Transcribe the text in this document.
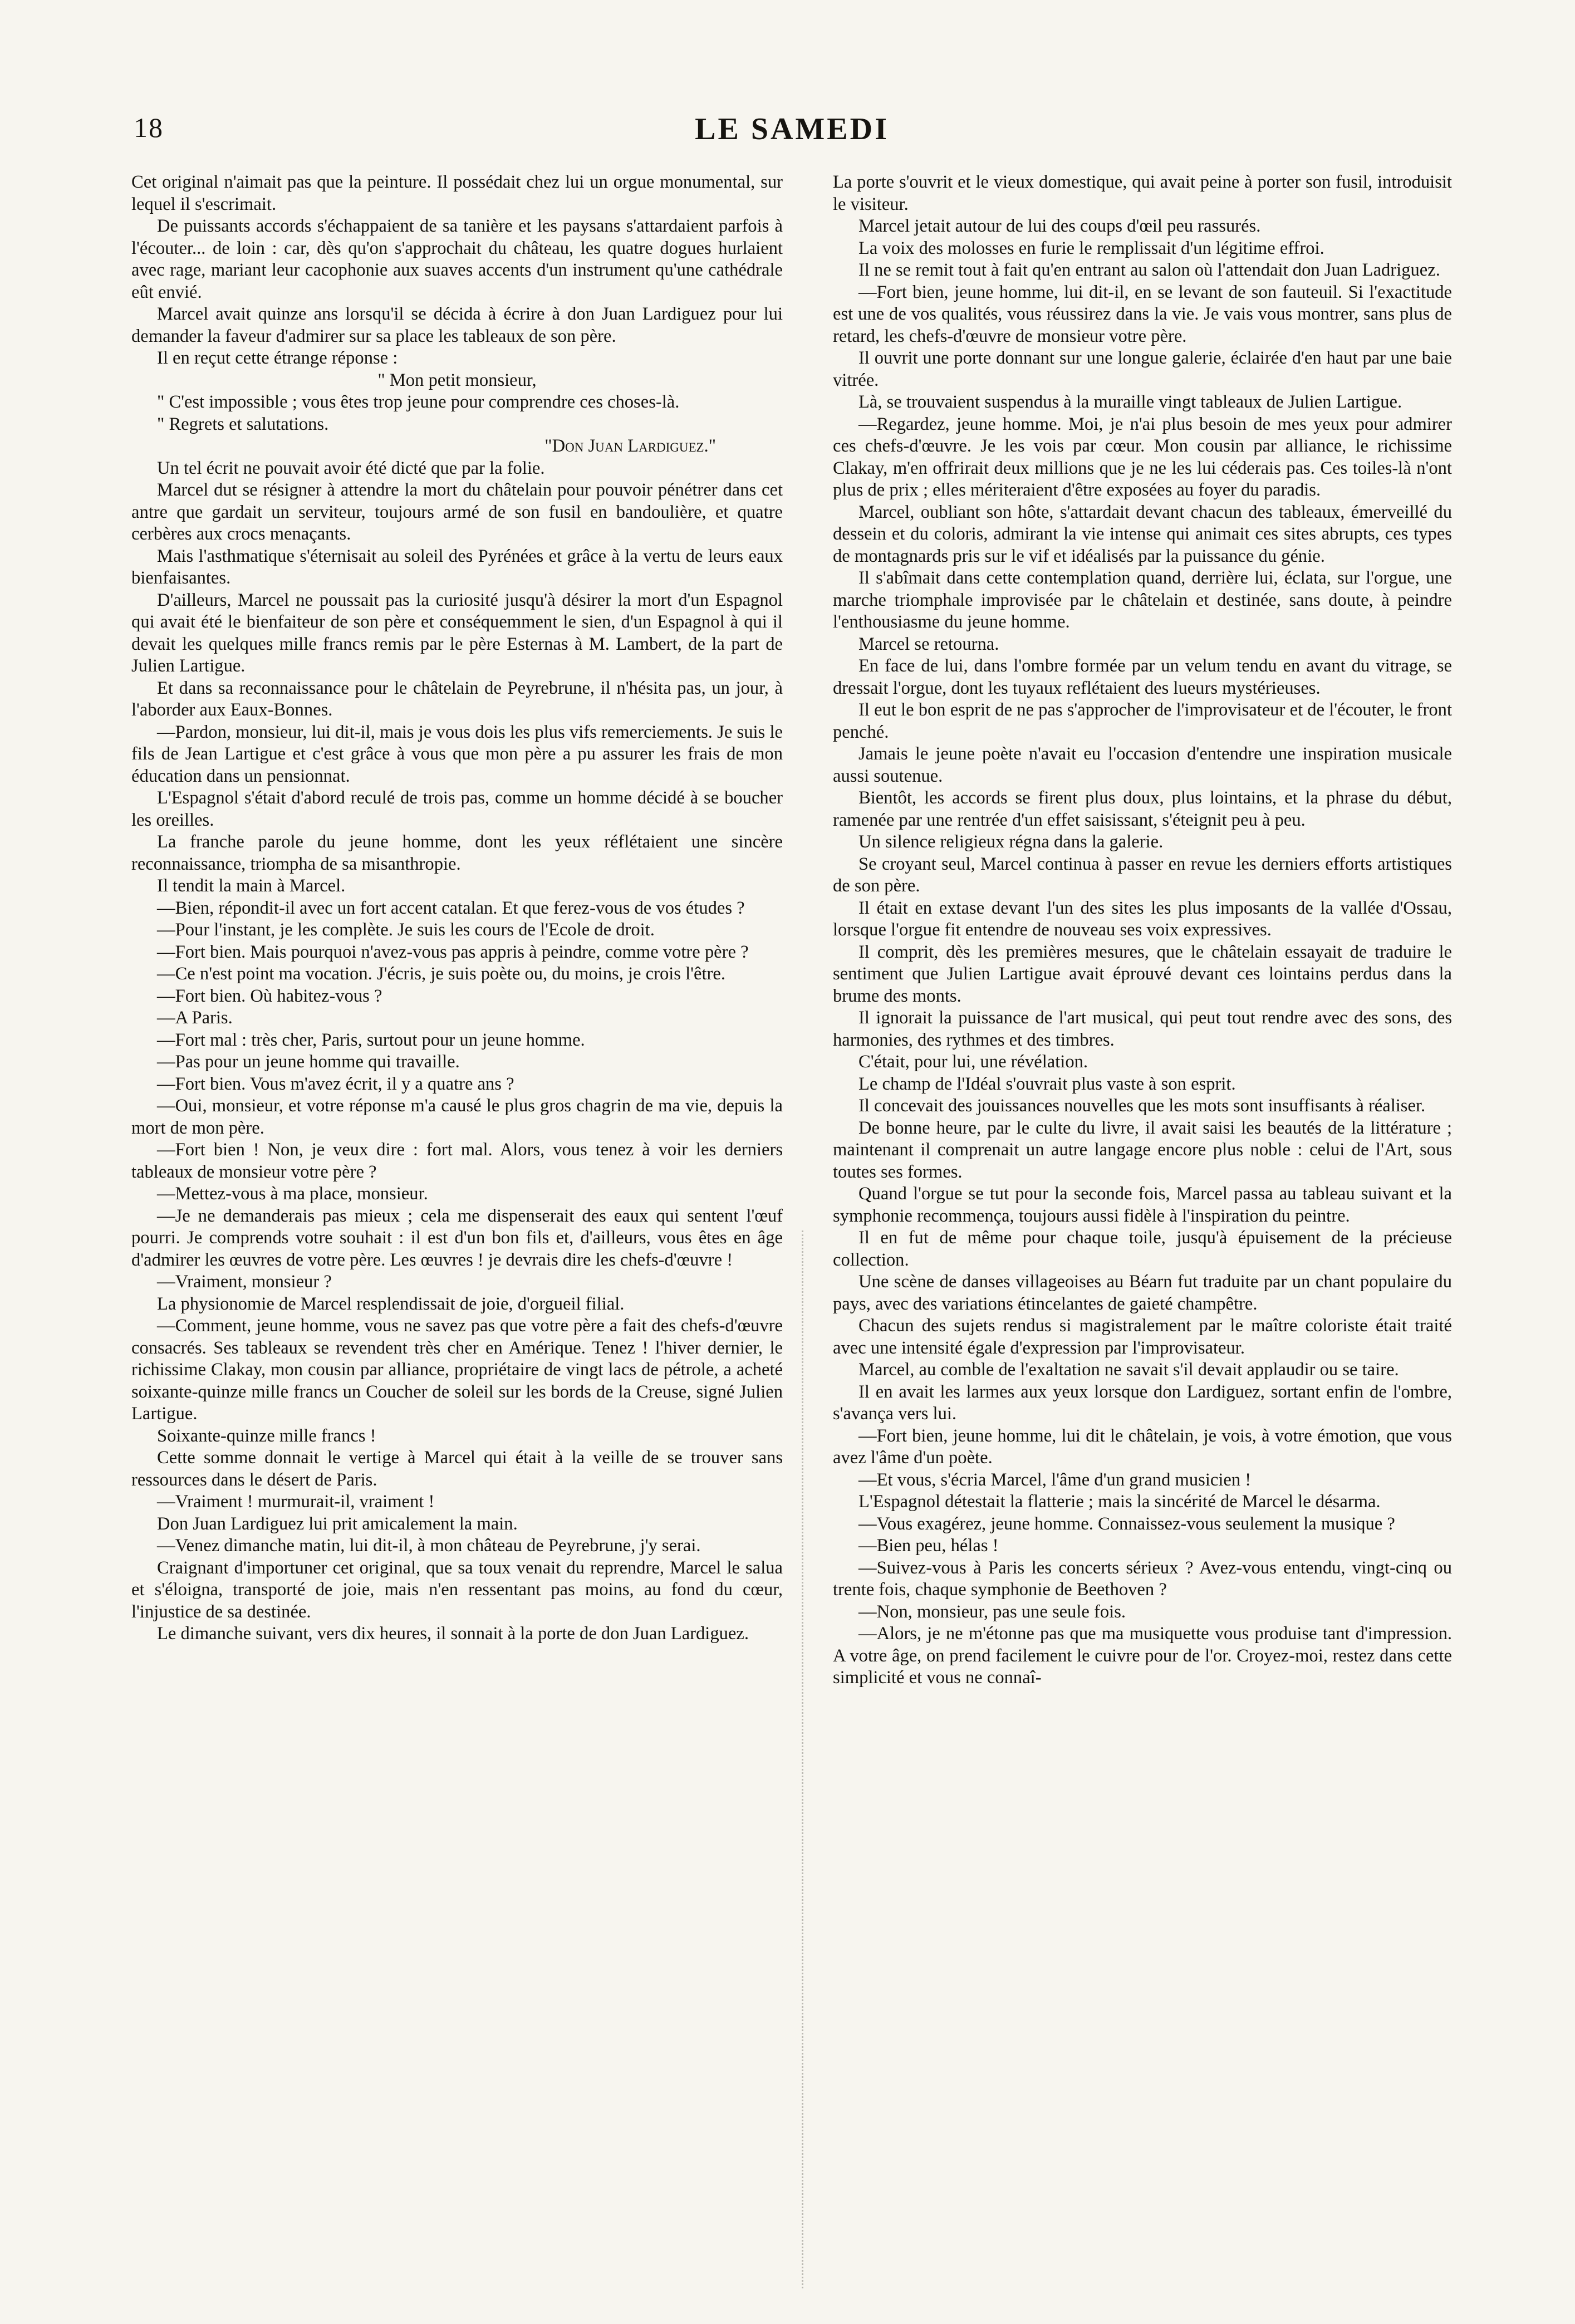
18	LE SAMEDI

Cet original n'aimait pas que la peinture. Il possédait chez lui un orgue monumental, sur lequel il s'escrimait.

De puissants accords s'échappaient de sa tanière et les paysans s'attardaient parfois à l'écouter... de loin : car, dès qu'on s'approchait du château, les quatre dogues hurlaient avec rage, mariant leur cacophonie aux suaves accents d'un instrument qu'une cathédrale eût envié.

Marcel avait quinze ans lorsqu'il se décida à écrire à don Juan Lardiguez pour lui demander la faveur d'admirer sur sa place les tableaux de son père.

Il en reçut cette étrange réponse :

" Mon petit monsieur,

" C'est impossible ; vous êtes trop jeune pour comprendre ces choses-là.

" Regrets et salutations.

"Don Juan Lardiguez."

Un tel écrit ne pouvait avoir été dicté que par la folie.

Marcel dut se résigner à attendre la mort du châtelain pour pouvoir pénétrer dans cet antre que gardait un serviteur, toujours armé de son fusil en bandoulière, et quatre cerbères aux crocs menaçants.

Mais l'asthmatique s'éternisait au soleil des Pyrénées et grâce à la vertu de leurs eaux bienfaisantes.

D'ailleurs, Marcel ne poussait pas la curiosité jusqu'à désirer la mort d'un Espagnol qui avait été le bienfaiteur de son père et conséquemment le sien, d'un Espagnol à qui il devait les quelques mille francs remis par le père Esternas à M. Lambert, de la part de Julien Lartigue.

Et dans sa reconnaissance pour le châtelain de Peyrebrune, il n'hésita pas, un jour, à l'aborder aux Eaux-Bonnes.

—Pardon, monsieur, lui dit-il, mais je vous dois les plus vifs remerciements. Je suis le fils de Jean Lartigue et c'est grâce à vous que mon père a pu assurer les frais de mon éducation dans un pensionnat.

L'Espagnol s'était d'abord reculé de trois pas, comme un homme décidé à se boucher les oreilles.

La franche parole du jeune homme, dont les yeux réflétaient une sincère reconnaissance, triompha de sa misanthropie.

Il tendit la main à Marcel.

—Bien, répondit-il avec un fort accent catalan. Et que ferez-vous de vos études ?

—Pour l'instant, je les complète. Je suis les cours de l'Ecole de droit.

—Fort bien. Mais pourquoi n'avez-vous pas appris à peindre, comme votre père ?

—Ce n'est point ma vocation. J'écris, je suis poète ou, du moins, je crois l'être.

—Fort bien. Où habitez-vous ?

—A Paris.

—Fort mal : très cher, Paris, surtout pour un jeune homme.

—Pas pour un jeune homme qui travaille.

—Fort bien. Vous m'avez écrit, il y a quatre ans ?

—Oui, monsieur, et votre réponse m'a causé le plus gros chagrin de ma vie, depuis la mort de mon père.

—Fort bien ! Non, je veux dire : fort mal. Alors, vous tenez à voir les derniers tableaux de monsieur votre père ?

—Mettez-vous à ma place, monsieur.

—Je ne demanderais pas mieux ; cela me dispenserait des eaux qui sentent l'œuf pourri. Je comprends votre souhait : il est d'un bon fils et, d'ailleurs, vous êtes en âge d'admirer les œuvres de votre père. Les œuvres ! je devrais dire les chefs-d'œuvre !

—Vraiment, monsieur ?

La physionomie de Marcel resplendissait de joie, d'orgueil filial.

—Comment, jeune homme, vous ne savez pas que votre père a fait des chefs-d'œuvre consacrés. Ses tableaux se revendent très cher en Amérique. Tenez ! l'hiver dernier, le richissime Clakay, mon cousin par alliance, propriétaire de vingt lacs de pétrole, a acheté soixante-quinze mille francs un Coucher de soleil sur les bords de la Creuse, signé Julien Lartigue.

Soixante-quinze mille francs !

Cette somme donnait le vertige à Marcel qui était à la veille de se trouver sans ressources dans le désert de Paris.

—Vraiment ! murmurait-il, vraiment !

Don Juan Lardiguez lui prit amicalement la main.

—Venez dimanche matin, lui dit-il, à mon château de Peyrebrune, j'y serai.

Craignant d'importuner cet original, que sa toux venait du reprendre, Marcel le salua et s'éloigna, transporté de joie, mais n'en ressentant pas moins, au fond du cœur, l'injustice de sa destinée.

Le dimanche suivant, vers dix heures, il sonnait à la porte de don Juan Lardiguez.

La porte s'ouvrit et le vieux domestique, qui avait peine à porter son fusil, introduisit le visiteur.

Marcel jetait autour de lui des coups d'œil peu rassurés.

La voix des molosses en furie le remplissait d'un légitime effroi.

Il ne se remit tout à fait qu'en entrant au salon où l'attendait don Juan Ladriguez.

—Fort bien, jeune homme, lui dit-il, en se levant de son fauteuil. Si l'exactitude est une de vos qualités, vous réussirez dans la vie. Je vais vous montrer, sans plus de retard, les chefs-d'œuvre de monsieur votre père.

Il ouvrit une porte donnant sur une longue galerie, éclairée d'en haut par une baie vitrée.

Là, se trouvaient suspendus à la muraille vingt tableaux de Julien Lartigue.

—Regardez, jeune homme. Moi, je n'ai plus besoin de mes yeux pour admirer ces chefs-d'œuvre. Je les vois par cœur. Mon cousin par alliance, le richissime Clakay, m'en offrirait deux millions que je ne les lui céderais pas. Ces toiles-là n'ont plus de prix ; elles mériteraient d'être exposées au foyer du paradis.

Marcel, oubliant son hôte, s'attardait devant chacun des tableaux, émerveillé du dessein et du coloris, admirant la vie intense qui animait ces sites abrupts, ces types de montagnards pris sur le vif et idéalisés par la puissance du génie.

Il s'abîmait dans cette contemplation quand, derrière lui, éclata, sur l'orgue, une marche triomphale improvisée par le châtelain et destinée, sans doute, à peindre l'enthousiasme du jeune homme.

Marcel se retourna.

En face de lui, dans l'ombre formée par un velum tendu en avant du vitrage, se dressait l'orgue, dont les tuyaux reflétaient des lueurs mystérieuses.

Il eut le bon esprit de ne pas s'approcher de l'improvisateur et de l'écouter, le front penché.

Jamais le jeune poète n'avait eu l'occasion d'entendre une inspiration musicale aussi soutenue.

Bientôt, les accords se firent plus doux, plus lointains, et la phrase du début, ramenée par une rentrée d'un effet saisissant, s'éteignit peu à peu.

Un silence religieux régna dans la galerie.

Se croyant seul, Marcel continua à passer en revue les derniers efforts artistiques de son père.

Il était en extase devant l'un des sites les plus imposants de la vallée d'Ossau, lorsque l'orgue fit entendre de nouveau ses voix expressives.

Il comprit, dès les premières mesures, que le châtelain essayait de traduire le sentiment que Julien Lartigue avait éprouvé devant ces lointains perdus dans la brume des monts.

Il ignorait la puissance de l'art musical, qui peut tout rendre avec des sons, des harmonies, des rythmes et des timbres.

C'était, pour lui, une révélation.

Le champ de l'Idéal s'ouvrait plus vaste à son esprit.

Il concevait des jouissances nouvelles que les mots sont insuffisants à réaliser.

De bonne heure, par le culte du livre, il avait saisi les beautés de la littérature ; maintenant il comprenait un autre langage encore plus noble : celui de l'Art, sous toutes ses formes.

Quand l'orgue se tut pour la seconde fois, Marcel passa au tableau suivant et la symphonie recommença, toujours aussi fidèle à l'inspiration du peintre.

Il en fut de même pour chaque toile, jusqu'à épuisement de la précieuse collection.

Une scène de danses villageoises au Béarn fut traduite par un chant populaire du pays, avec des variations étincelantes de gaieté champêtre.

Chacun des sujets rendus si magistralement par le maître coloriste était traité avec une intensité égale d'expression par l'improvisateur.

Marcel, au comble de l'exaltation ne savait s'il devait applaudir ou se taire.

Il en avait les larmes aux yeux lorsque don Lardiguez, sortant enfin de l'ombre, s'avança vers lui.

—Fort bien, jeune homme, lui dit le châtelain, je vois, à votre émotion, que vous avez l'âme d'un poète.

—Et vous, s'écria Marcel, l'âme d'un grand musicien !

L'Espagnol détestait la flatterie ; mais la sincérité de Marcel le désarma.

—Vous exagérez, jeune homme. Connaissez-vous seulement la musique ?

—Bien peu, hélas !

—Suivez-vous à Paris les concerts sérieux ? Avez-vous entendu, vingt-cinq ou trente fois, chaque symphonie de Beethoven ?

—Non, monsieur, pas une seule fois.

—Alors, je ne m'étonne pas que ma musiquette vous produise tant d'impression. A votre âge, on prend facilement le cuivre pour de l'or. Croyez-moi, restez dans cette simplicité et vous ne connaî-
